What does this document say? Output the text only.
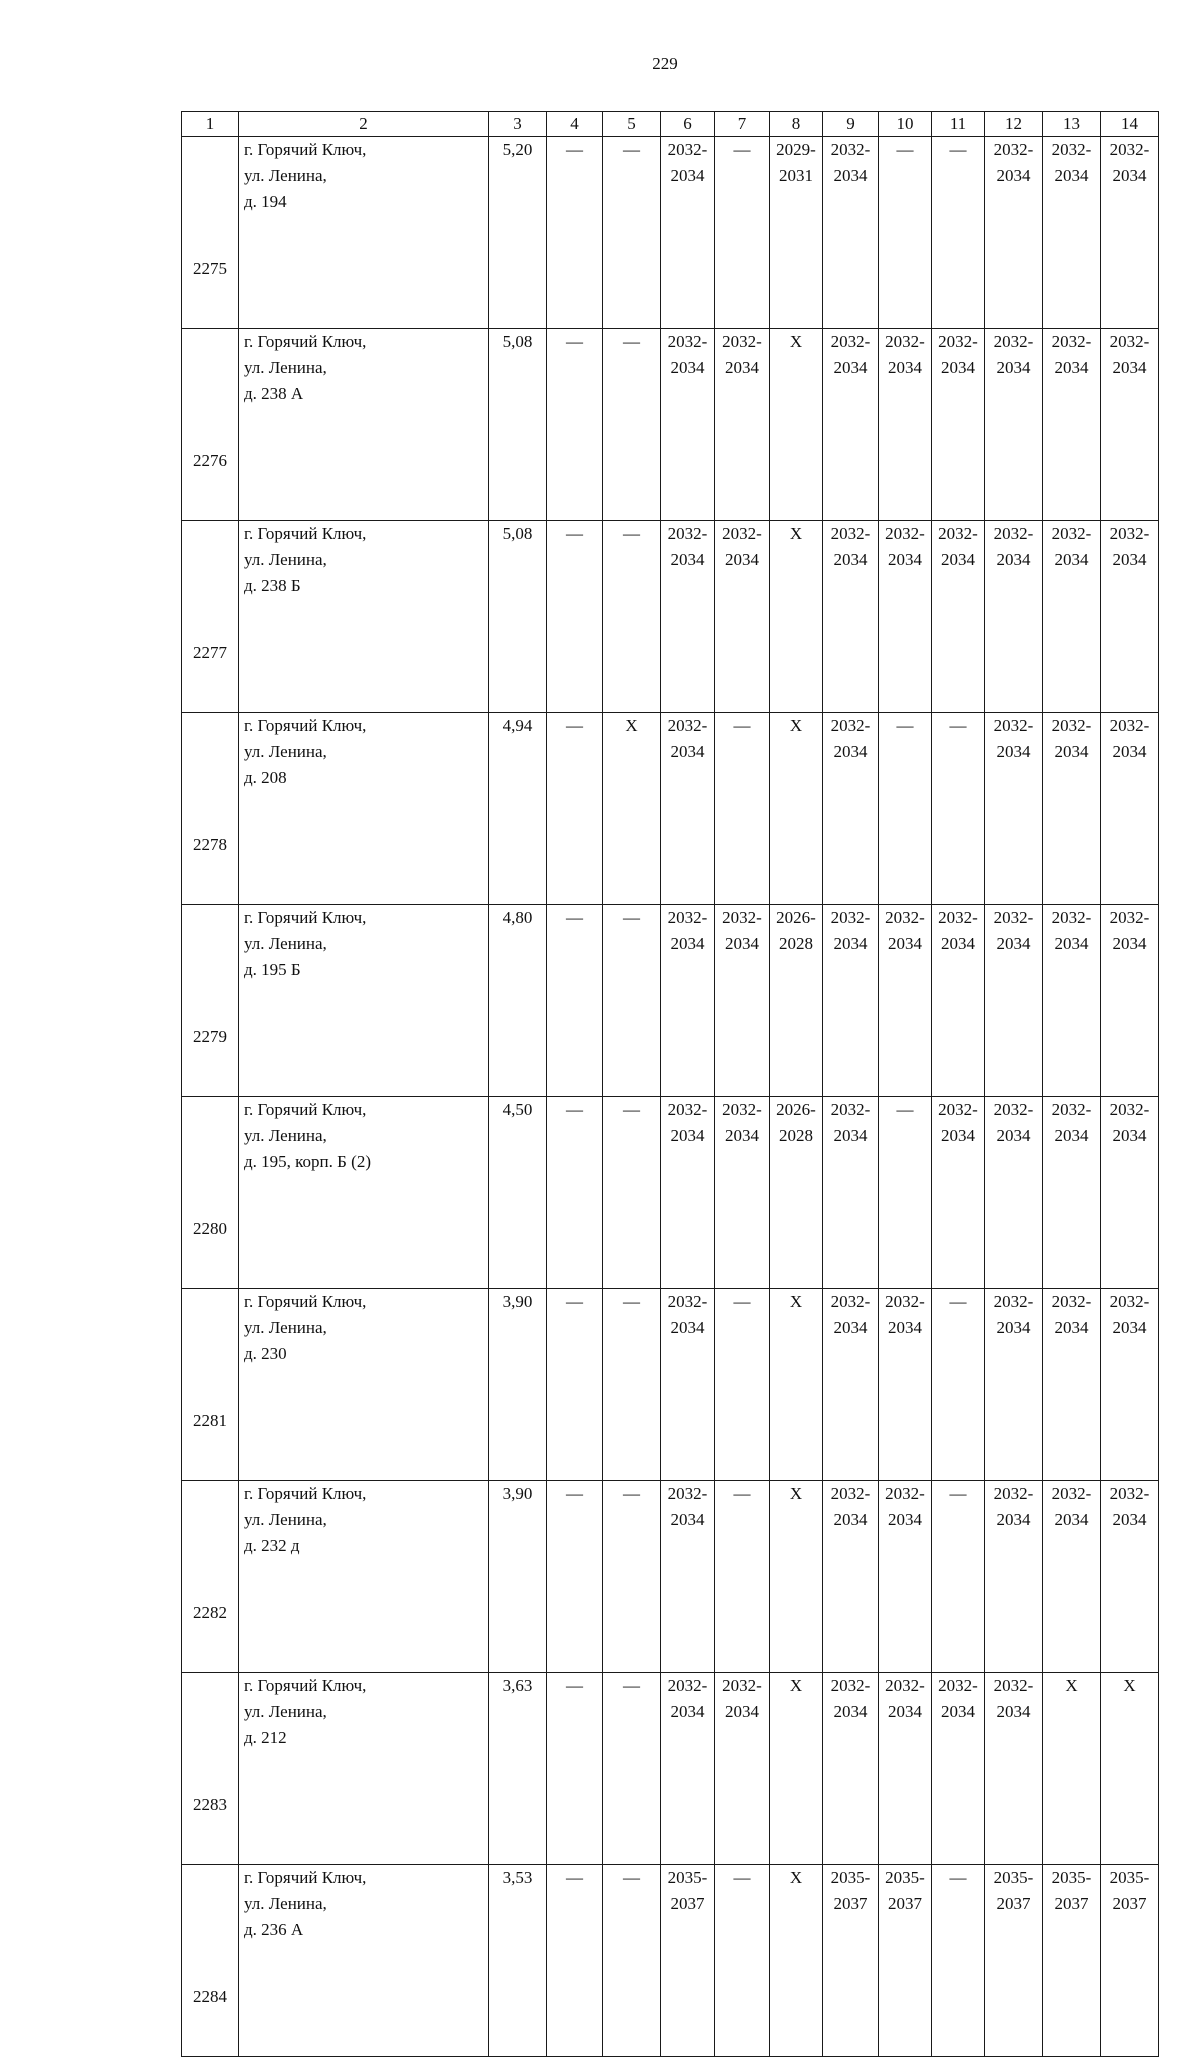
229
1	2	3	4	5	6	7	8	9	10	11	12	13	14
2275	г. Горячий Ключ,
ул. Ленина,
д. 194	5,20	—	—	2032-
2034	—	2029-
2031	2032-
2034	—	—	2032-
2034	2032-
2034	2032-
2034

2276	г. Горячий Ключ,
ул. Ленина,
д. 238 А	5,08	—	—	2032-
2034	2032-
2034	Х	2032-
2034	2032-
2034	2032-
2034	2032-
2034	2032-
2034	2032-
2034

2277	г. Горячий Ключ,
ул. Ленина,
д. 238 Б	5,08	—	—	2032-
2034	2032-
2034	Х	2032-
2034	2032-
2034	2032-
2034	2032-
2034	2032-
2034	2032-
2034

2278	г. Горячий Ключ,
ул. Ленина,
д. 208	4,94	—	Х	2032-
2034	—	Х	2032-
2034	—	—	2032-
2034	2032-
2034	2032-
2034

2279	г. Горячий Ключ,
ул. Ленина,
д. 195 Б	4,80	—	—	2032-
2034	2032-
2034	2026-
2028	2032-
2034	2032-
2034	2032-
2034	2032-
2034	2032-
2034	2032-
2034

2280	г. Горячий Ключ,
ул. Ленина,
д. 195, корп. Б (2)	4,50	—	—	2032-
2034	2032-
2034	2026-
2028	2032-
2034	—	2032-
2034	2032-
2034	2032-
2034	2032-
2034

2281	г. Горячий Ключ,
ул. Ленина,
д. 230	3,90	—	—	2032-
2034	—	Х	2032-
2034	2032-
2034	—	2032-
2034	2032-
2034	2032-
2034

2282	г. Горячий Ключ,
ул. Ленина,
д. 232 д	3,90	—	—	2032-
2034	—	Х	2032-
2034	2032-
2034	—	2032-
2034	2032-
2034	2032-
2034

2283	г. Горячий Ключ,
ул. Ленина,
д. 212	3,63	—	—	2032-
2034	2032-
2034	Х	2032-
2034	2032-
2034	2032-
2034	2032-
2034	Х	Х

2284	г. Горячий Ключ,
ул. Ленина,
д. 236 А	3,53	—	—	2035-
2037	—	Х	2035-
2037	2035-
2037	—	2035-
2037	2035-
2037	2035-
2037
